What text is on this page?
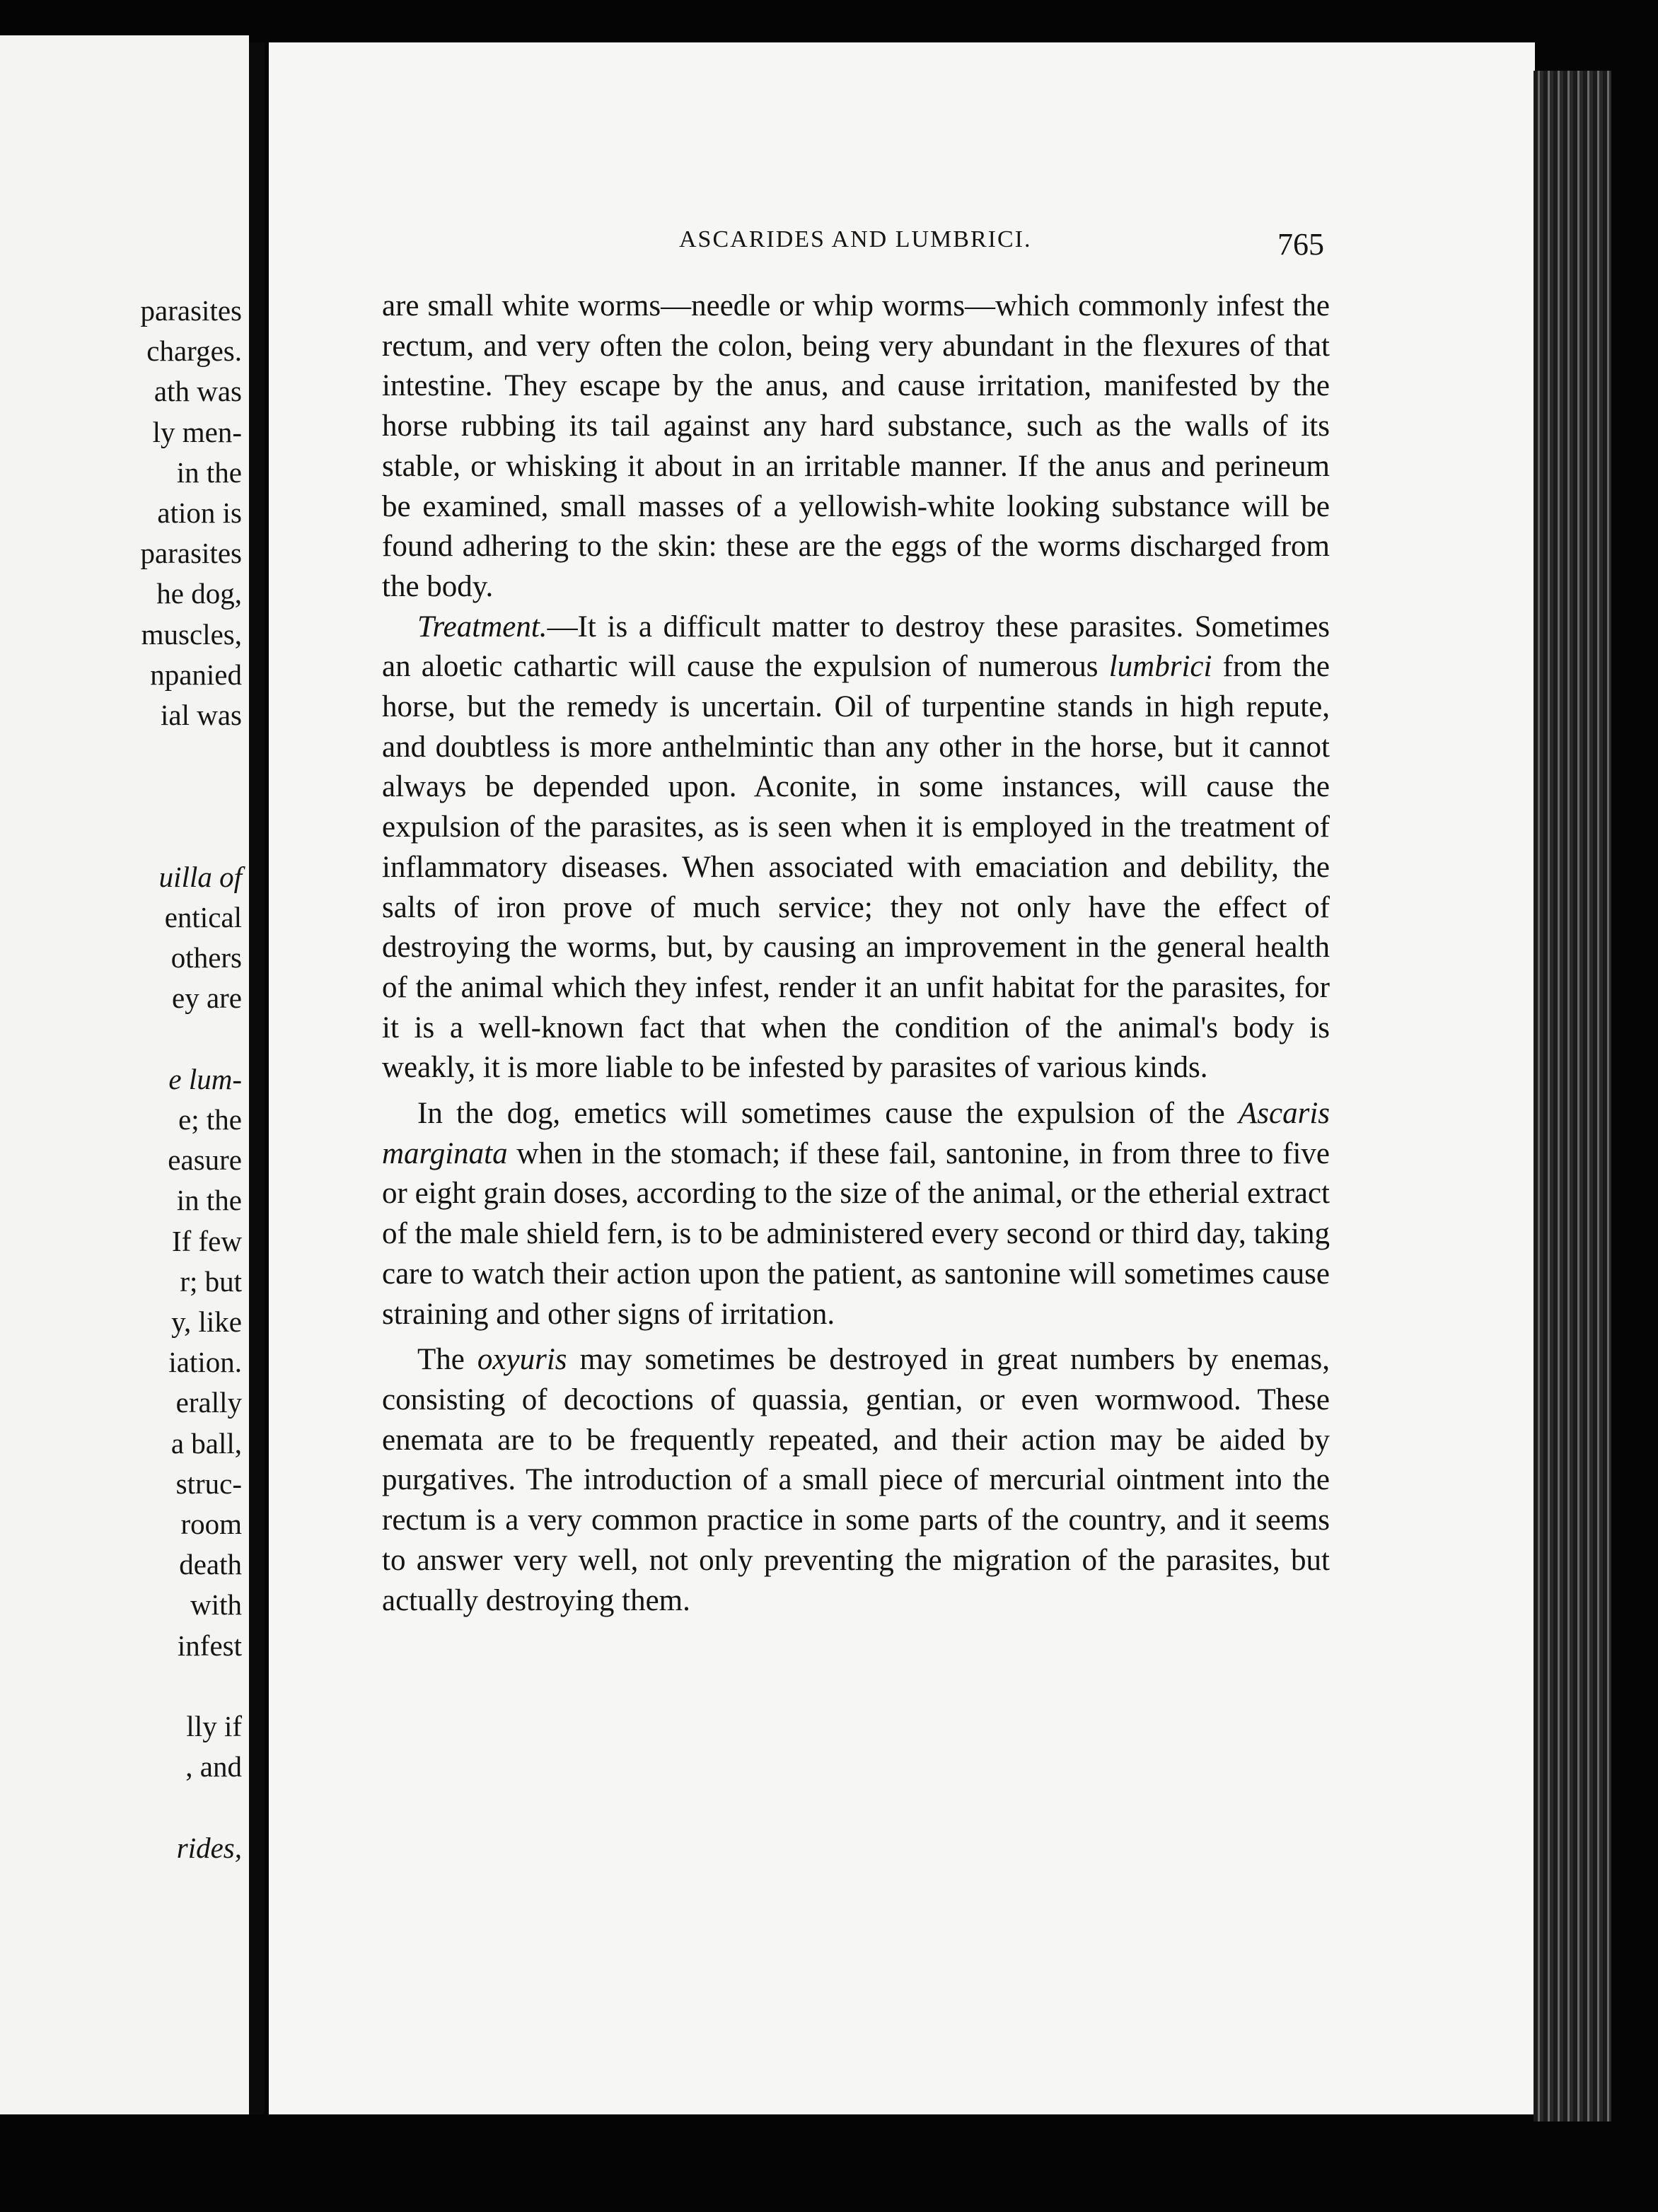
parasites
charges.
ath was
ly men-
in the
ation is
parasites
he dog,
muscles,
npanied
ial was
uilla of
entical
others
ey are
e lum-
e; the
easure
in the
If few
r; but
y, like
iation.
erally
a ball,
struc-
room
death
with
infest
lly if
, and
rides,
ASCARIDES AND LUMBRICI.	765

are small white worms—needle or whip worms—which commonly infest the rectum, and very often the colon, being very abundant in the flexures of that intestine. They escape by the anus, and cause irritation, manifested by the horse rubbing its tail against any hard substance, such as the walls of its stable, or whisking it about in an irritable manner. If the anus and perineum be examined, small masses of a yellowish-white looking substance will be found adhering to the skin: these are the eggs of the worms discharged from the body.

Treatment.—It is a difficult matter to destroy these parasites. Sometimes an aloetic cathartic will cause the expulsion of numerous lumbrici from the horse, but the remedy is uncertain. Oil of turpentine stands in high repute, and doubtless is more anthelmintic than any other in the horse, but it cannot always be depended upon. Aconite, in some instances, will cause the expulsion of the parasites, as is seen when it is employed in the treatment of inflammatory diseases. When associated with emaciation and debility, the salts of iron prove of much service; they not only have the effect of destroying the worms, but, by causing an improvement in the general health of the animal which they infest, render it an unfit habitat for the parasites, for it is a well-known fact that when the condition of the animal's body is weakly, it is more liable to be infested by parasites of various kinds.

In the dog, emetics will sometimes cause the expulsion of the Ascaris marginata when in the stomach; if these fail, santonine, in from three to five or eight grain doses, according to the size of the animal, or the etherial extract of the male shield fern, is to be administered every second or third day, taking care to watch their action upon the patient, as santonine will sometimes cause straining and other signs of irritation.

The oxyuris may sometimes be destroyed in great numbers by enemas, consisting of decoctions of quassia, gentian, or even wormwood. These enemata are to be frequently repeated, and their action may be aided by purgatives. The introduction of a small piece of mercurial ointment into the rectum is a very common practice in some parts of the country, and it seems to answer very well, not only preventing the migration of the parasites, but actually destroying them.
